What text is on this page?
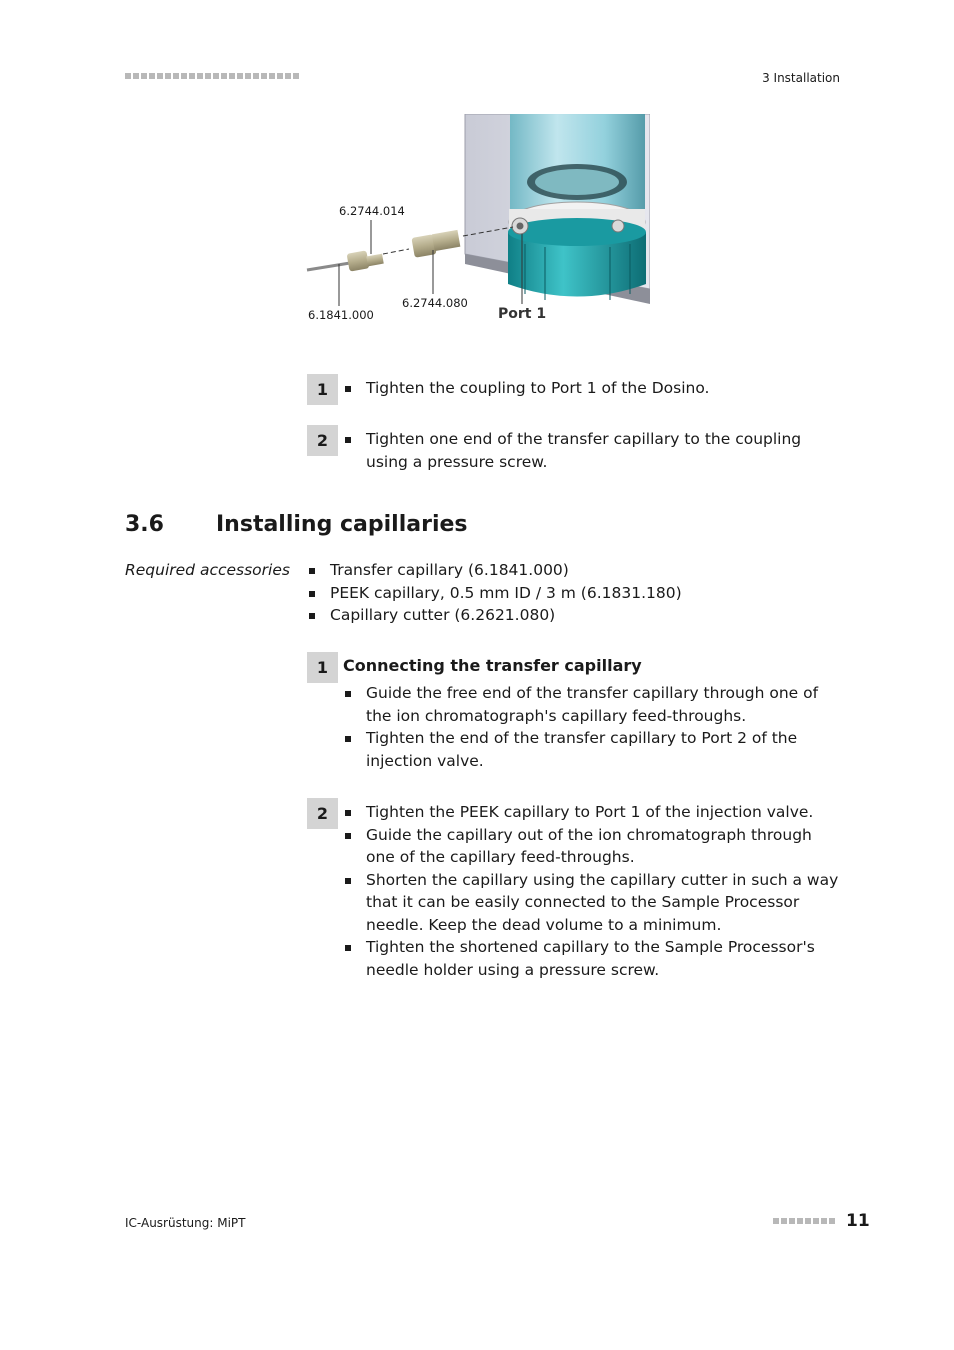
3 Installation
6.2744.014
6.1841.000
6.2744.080
Port 1
1	Tighten the coupling to Port 1 of the Dosino.
2	Tighten one end of the transfer capillary to the coupling using a pressure screw.
3.6 Installing capillaries
Required accessories	Transfer capillary (6.1841.000)
PEEK capillary, 0.5 mm ID / 3 m (6.1831.180)
Capillary cutter (6.2621.080)
1 Connecting the transfer capillary
Guide the free end of the transfer capillary through one of the ion chromatograph's capillary feed-throughs.
Tighten the end of the transfer capillary to Port 2 of the injection valve.
2	Tighten the PEEK capillary to Port 1 of the injection valve.
Guide the capillary out of the ion chromatograph through one of the capillary feed-throughs.
Shorten the capillary using the capillary cutter in such a way that it can be easily connected to the Sample Processor needle. Keep the dead volume to a minimum.
Tighten the shortened capillary to the Sample Processor's needle holder using a pressure screw.
IC-Ausrüstung: MiPT	11
